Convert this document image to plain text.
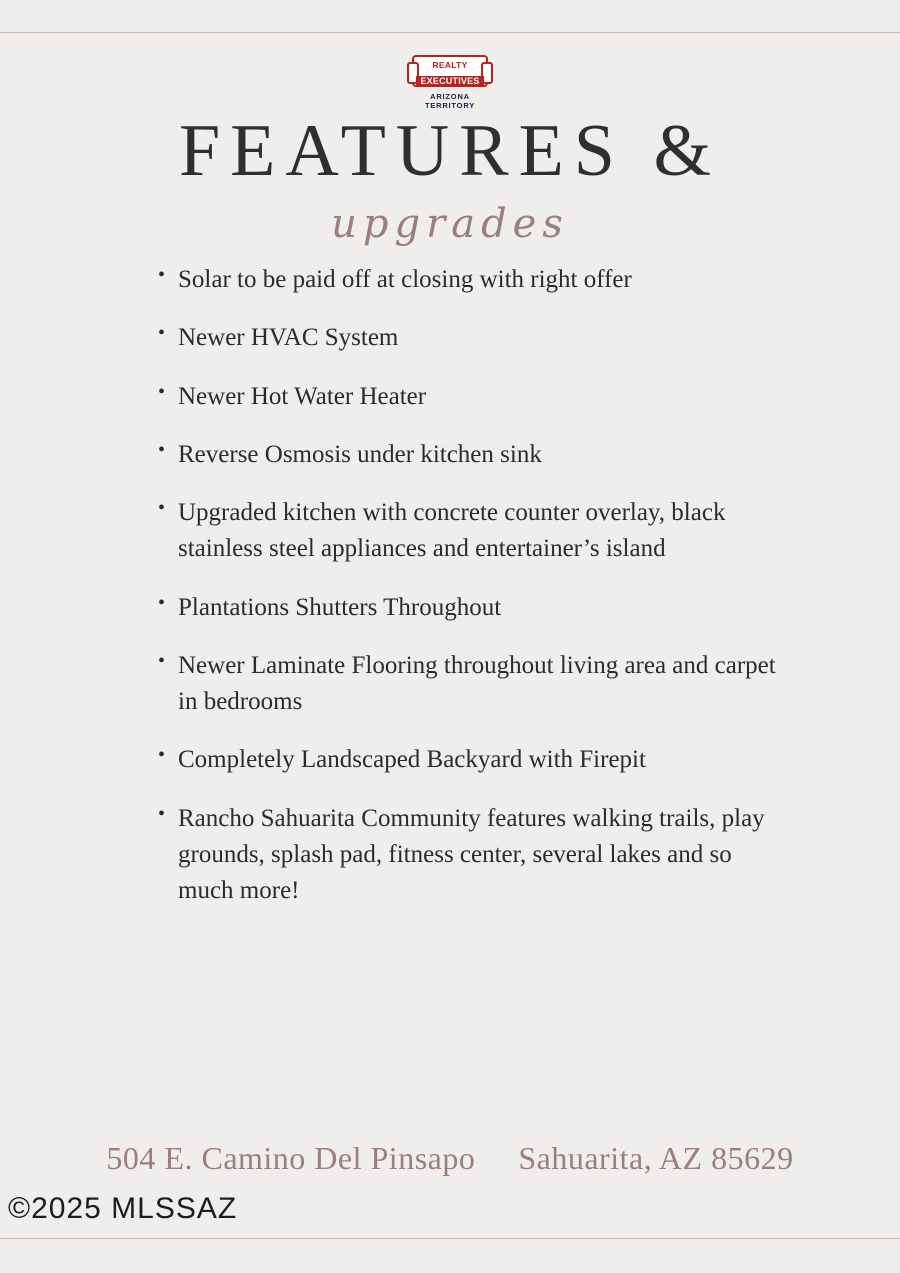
REALTY
EXECUTIVES
ARIZONA TERRITORY
FEATURES &
upgrades
• Solar to be paid off at closing with right offer
• Newer HVAC System
• Newer Hot Water Heater
• Reverse Osmosis under kitchen sink
• Upgraded kitchen with concrete counter overlay, black stainless steel appliances and entertainer’s island
• Plantations Shutters Throughout
• Newer Laminate Flooring throughout living area and carpet in bedrooms
• Completely Landscaped Backyard with Firepit
• Rancho Sahuarita Community features walking trails, play grounds, splash pad, fitness center, several lakes and so much more!
504 E. Camino Del Pinsapo Sahuarita, AZ 85629
©2025 MLSSAZ
